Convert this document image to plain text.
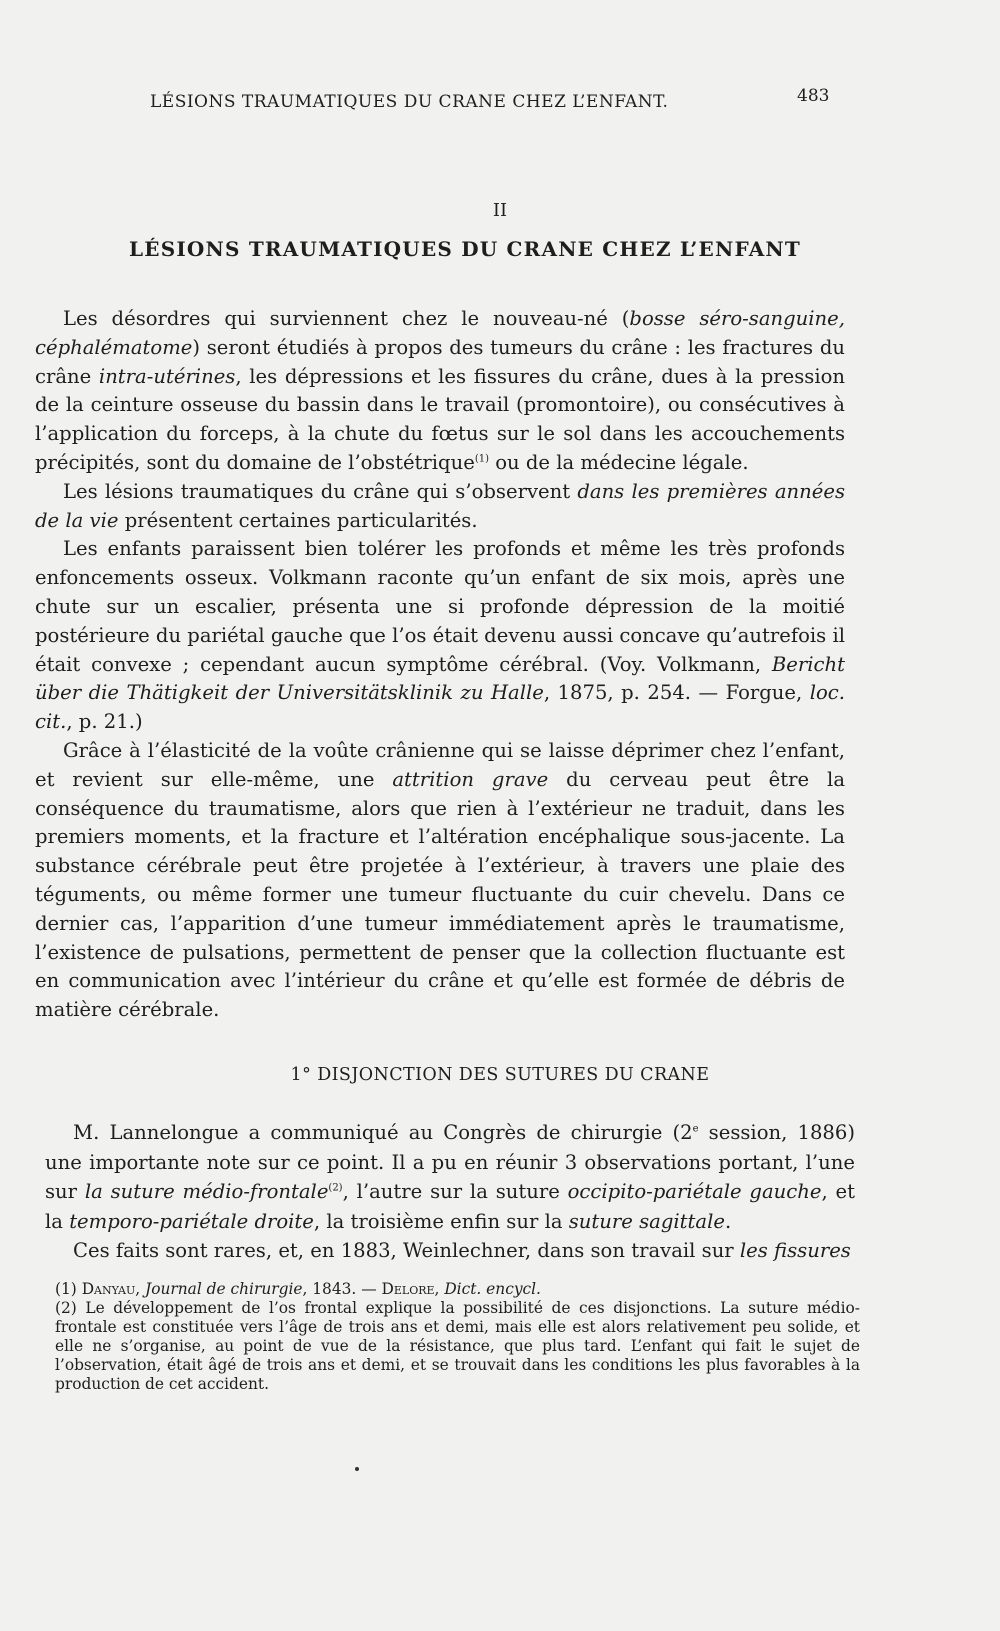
LÉSIONS TRAUMATIQUES DU CRANE CHEZ L’ENFANT.	483
II
LÉSIONS TRAUMATIQUES DU CRANE CHEZ L’ENFANT

Les désordres qui surviennent chez le nouveau-né (bosse séro-sanguine, céphalématome) seront étudiés à propos des tumeurs du crâne : les fractures du crâne intra-utérines, les dépressions et les fissures du crâne, dues à la pression de la ceinture osseuse du bassin dans le travail (promontoire), ou consécutives à l’application du forceps, à la chute du fœtus sur le sol dans les accouchements précipités, sont du domaine de l’obstétrique$^{(1)}$ ou de la médecine légale.

Les lésions traumatiques du crâne qui s’observent dans les premières années de la vie présentent certaines particularités.

Les enfants paraissent bien tolérer les profonds et même les très profonds enfoncements osseux. Volkmann raconte qu’un enfant de six mois, après une chute sur un escalier, présenta une si profonde dépression de la moitié postérieure du pariétal gauche que l’os était devenu aussi concave qu’autrefois il était convexe ; cependant aucun symptôme cérébral. (Voy. Volkmann, Bericht über die Thätigkeit der Universitätsklinik zu Halle, 1875, p. 254. — Forgue, loc. cit., p. 21.)

Grâce à l’élasticité de la voûte crânienne qui se laisse déprimer chez l’enfant, et revient sur elle-même, une attrition grave du cerveau peut être la conséquence du traumatisme, alors que rien à l’extérieur ne traduit, dans les premiers moments, et la fracture et l’altération encéphalique sous-jacente. La substance cérébrale peut être projetée à l’extérieur, à travers une plaie des téguments, ou même former une tumeur fluctuante du cuir chevelu. Dans ce dernier cas, l’apparition d’une tumeur immédiatement après le traumatisme, l’existence de pulsations, permettent de penser que la collection fluctuante est en communication avec l’intérieur du crâne et qu’elle est formée de débris de matière cérébrale.

1° DISJONCTION DES SUTURES DU CRANE

M. Lannelongue a communiqué au Congrès de chirurgie (2e session, 1886) une importante note sur ce point. Il a pu en réunir 3 observations portant, l’une sur la suture médio-frontale$^{(2)}$, l’autre sur la suture occipito-pariétale gauche, et la temporo-pariétale droite, la troisième enfin sur la suture sagittale.

Ces faits sont rares, et, en 1883, Weinlechner, dans son travail sur les fissures

(1) Danyau, Journal de chirurgie, 1843. — Delore, Dict. encycl.

(2) Le développement de l’os frontal explique la possibilité de ces disjonctions. La suture médio-frontale est constituée vers l’âge de trois ans et demi, mais elle est alors relativement peu solide, et elle ne s’organise, au point de vue de la résistance, que plus tard. L’enfant qui fait le sujet de l’observation, était âgé de trois ans et demi, et se trouvait dans les conditions les plus favorables à la production de cet accident.
